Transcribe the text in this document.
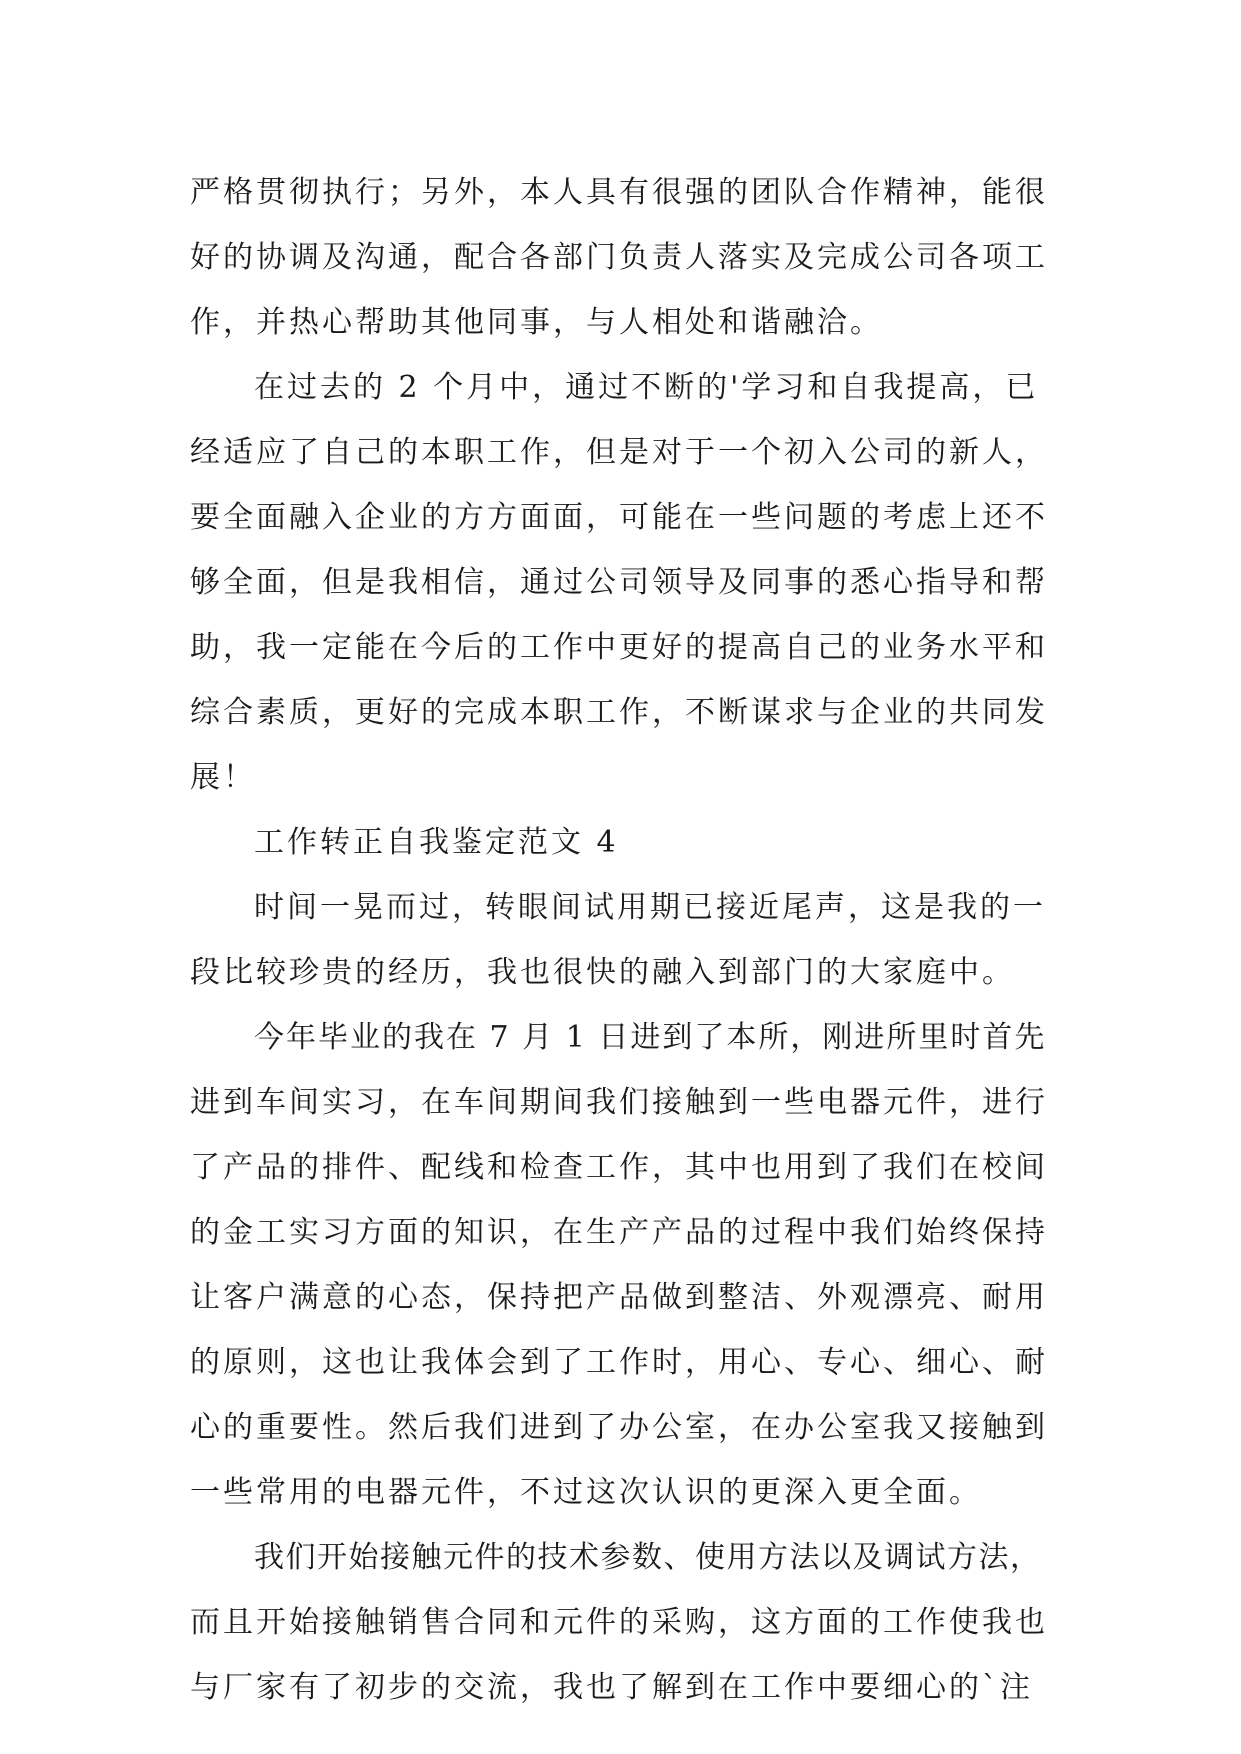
严格贯彻执行；另外，本人具有很强的团队合作精神，能很
好的协调及沟通，配合各部门负责人落实及完成公司各项工
作，并热心帮助其他同事，与人相处和谐融洽。
在过去的 2 个月中，通过不断的'学习和自我提高，已
经适应了自己的本职工作，但是对于一个初入公司的新人，
要全面融入企业的方方面面，可能在一些问题的考虑上还不
够全面，但是我相信，通过公司领导及同事的悉心指导和帮
助，我一定能在今后的工作中更好的提高自己的业务水平和
综合素质，更好的完成本职工作，不断谋求与企业的共同发
展！
工作转正自我鉴定范文 4
时间一晃而过，转眼间试用期已接近尾声，这是我的一
段比较珍贵的经历，我也很快的融入到部门的大家庭中。
今年毕业的我在 7 月 1 日进到了本所，刚进所里时首先
进到车间实习，在车间期间我们接触到一些电器元件，进行
了产品的排件、配线和检查工作，其中也用到了我们在校间
的金工实习方面的知识，在生产产品的过程中我们始终保持
让客户满意的心态，保持把产品做到整洁、外观漂亮、耐用
的原则，这也让我体会到了工作时，用心、专心、细心、耐
心的重要性。然后我们进到了办公室，在办公室我又接触到
一些常用的电器元件，不过这次认识的更深入更全面。
我们开始接触元件的技术参数、使用方法以及调试方法，
而且开始接触销售合同和元件的采购，这方面的工作使我也
与厂家有了初步的交流，我也了解到在工作中要细心的`注
